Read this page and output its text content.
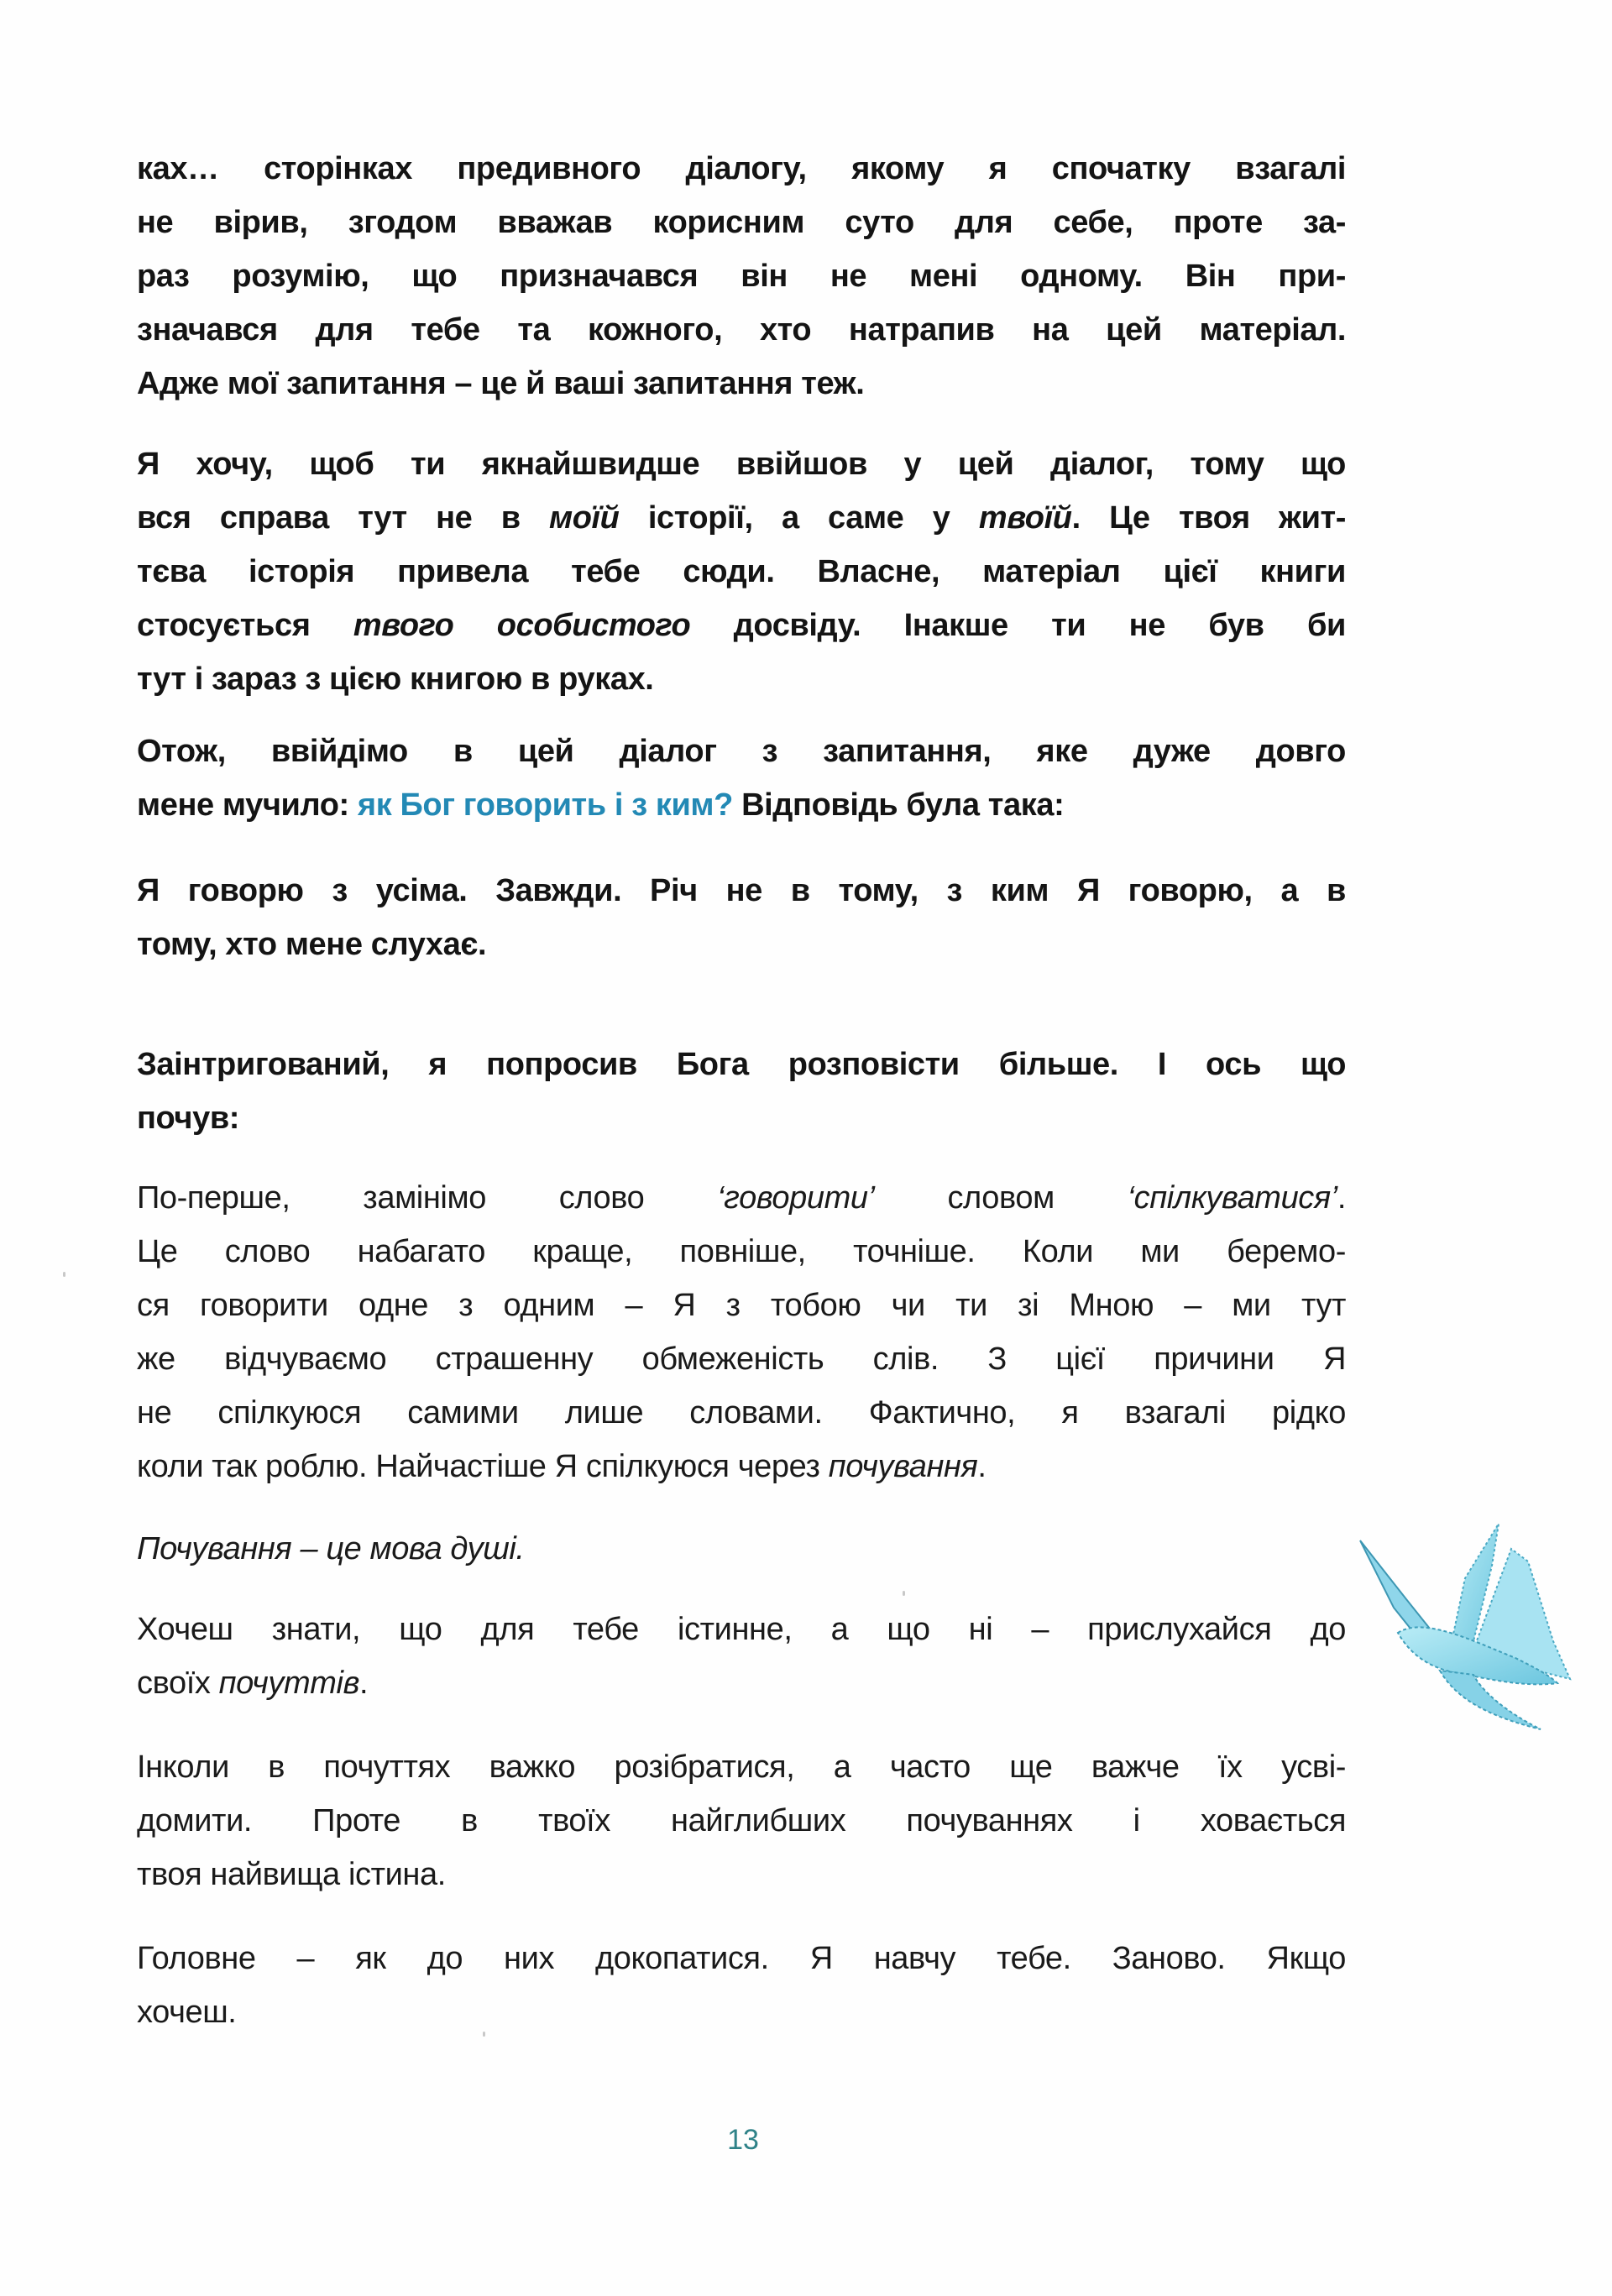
ках… сторінках предивного діалогу, якому я спочатку взагалі
не вірив, згодом вважав корисним суто для себе, проте за-
раз розумію, що призначався він не мені одному. Він при-
значався для тебе та кожного, хто натрапив на цей матеріал.
Адже мої запитання – це й ваші запитання теж.
Я хочу, щоб ти якнайшвидше ввійшов у цей діалог, тому що
вся справа тут не в моїй історії, а саме у твоїй. Це твоя жит-
тєва історія привела тебе сюди. Власне, матеріал цієї книги
стосується твого особистого досвіду. Інакше ти не був би
тут і зараз з цією книгою в руках.
Отож, ввійдімо в цей діалог з запитання, яке дуже довго
мене мучило: як Бог говорить і з ким? Відповідь була така:
Я говорю з усіма. Завжди. Річ не в тому, з ким Я говорю, а в
тому, хто мене слухає.
Заінтригований, я попросив Бога розповісти більше. І ось що
почув:
По-перше, замінімо слово ‘говорити’ словом ‘спілкуватися’.
Це слово набагато краще, повніше, точніше. Коли ми беремо-
ся говорити одне з одним – Я з тобою чи ти зі Мною – ми тут
же відчуваємо страшенну обмеженість слів. З цієї причини Я
не спілкуюся самими лише словами. Фактично, я взагалі рідко
коли так роблю. Найчастіше Я спілкуюся через почування.
Почування – це мова душі.
Хочеш знати, що для тебе істинне, а що ні – прислухайся до
своїх почуттів.
Інколи в почуттях важко розібратися, а часто ще важче їх усві-
домити. Проте в твоїх найглибших почуваннях і ховається
твоя найвища істина.
Головне – як до них докопатися. Я навчу тебе. Заново. Якщо
хочеш.
13
